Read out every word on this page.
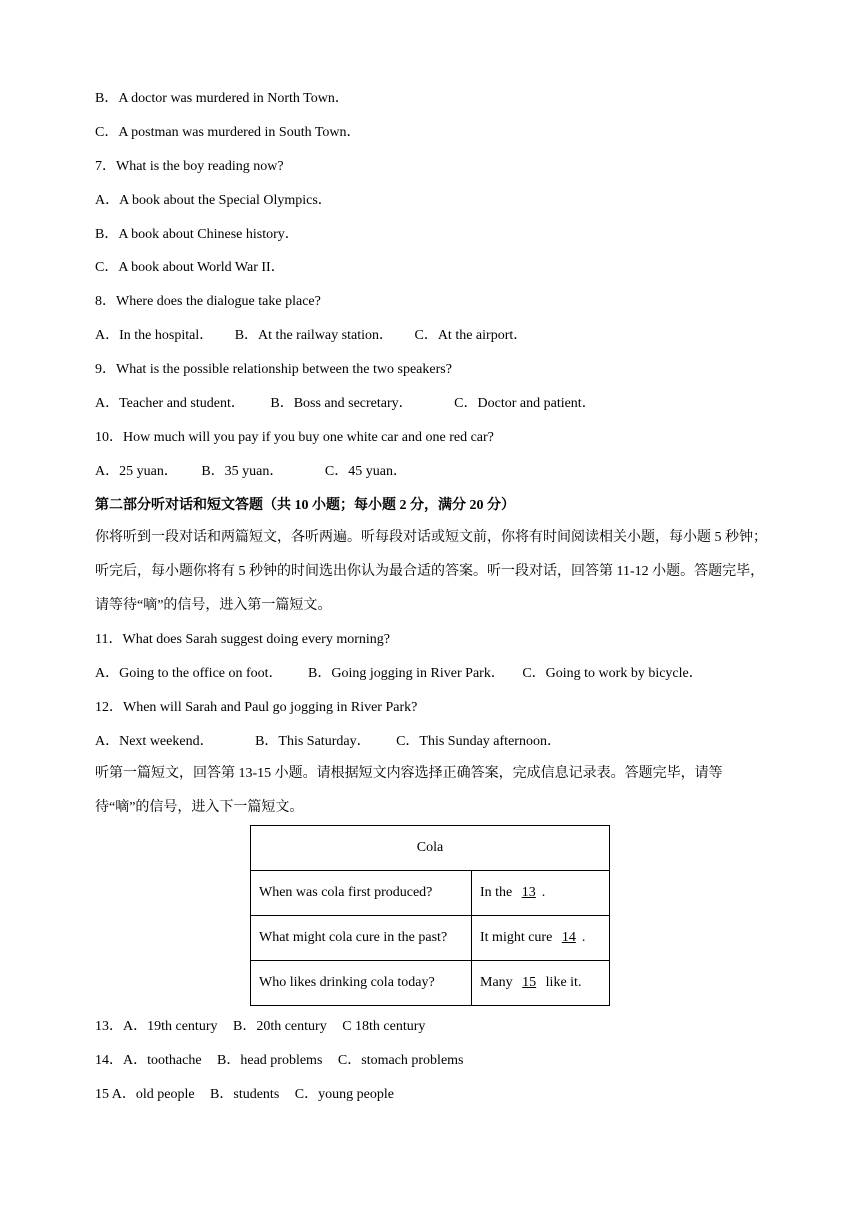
B．A doctor was murdered in North Town．
C．A postman was murdered in South Town．
7．What is the boy reading now?
A．A book about the Special Olympics．
B．A book about Chinese history．
C．A book about World War II．
8．Where does the dialogue take place?
A．In the hospital． B．At the railway station． C．At the airport．
9．What is the possible relationship between the two speakers?
A．Teacher and student． B．Boss and secretary．	C．Doctor and patient．
10．How much will you pay if you buy one white car and one red car?
A．25 yuan． B．35 yuan．	C．45 yuan．
第二部分听对话和短文答题（共 10 小题；每小题 2 分，满分 20 分）
你将听到一段对话和两篇短文，各听两遍。听每段对话或短文前，你将有时间阅读相关小题，每小题 5 秒钟；听完后，每小题你将有 5 秒钟的时间选出你认为最合适的答案。听一段对话，回答第 11-12 小题。答题完毕，请等待“嘀”的信号，进入第一篇短文。
11．What does Sarah suggest doing every morning?
A．Going to the office on foot． B．Going jogging in River Park． C．Going to work by bicycle．
12．When will Sarah and Paul go jogging in River Park?
A．Next weekend．	B．This Saturday． C．This Sunday afternoon．
听第一篇短文，回答第 13-15 小题。请根据短文内容选择正确答案，完成信息记录表。答题完毕，请等待“嘀”的信号，进入下一篇短文。
Cola	
When was cola first produced?	In the 13 .
What might cola cure in the past?	It might cure 14 .
Who likes drinking cola today?	Many 15 like it.
13．A．19th century B．20th century C 18th century
14．A．toothache B．head problems C．stomach problems
15 A．old people B．students C．young people
